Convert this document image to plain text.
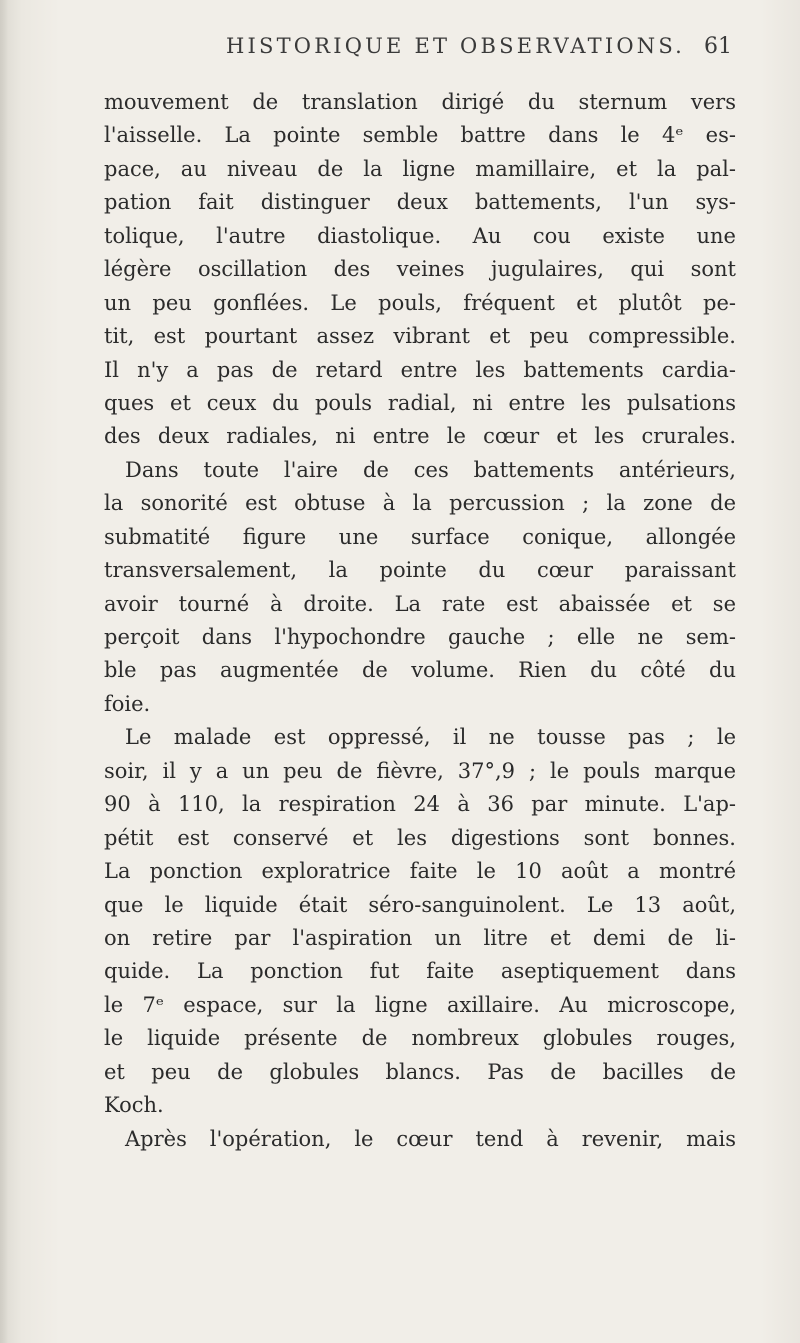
HISTORIQUE ET OBSERVATIONS. 61
mouvement de translation dirigé du sternum vers
l'aisselle. La pointe semble battre dans le 4ᵉ es-
pace, au niveau de la ligne mamillaire, et la pal-
pation fait distinguer deux battements, l'un sys-
tolique, l'autre diastolique. Au cou existe une
légère oscillation des veines jugulaires, qui sont
un peu gonflées. Le pouls, fréquent et plutôt pe-
tit, est pourtant assez vibrant et peu compressible.
Il n'y a pas de retard entre les battements cardia-
ques et ceux du pouls radial, ni entre les pulsations
des deux radiales, ni entre le cœur et les crurales.
Dans toute l'aire de ces battements antérieurs,
la sonorité est obtuse à la percussion ; la zone de
submatité figure une surface conique, allongée
transversalement, la pointe du cœur paraissant
avoir tourné à droite. La rate est abaissée et se
perçoit dans l'hypochondre gauche ; elle ne sem-
ble pas augmentée de volume. Rien du côté du
foie.
Le malade est oppressé, il ne tousse pas ; le
soir, il y a un peu de fièvre, 37°,9 ; le pouls marque
90 à 110, la respiration 24 à 36 par minute. L'ap-
pétit est conservé et les digestions sont bonnes.
La ponction exploratrice faite le 10 août a montré
que le liquide était séro-sanguinolent. Le 13 août,
on retire par l'aspiration un litre et demi de li-
quide. La ponction fut faite aseptiquement dans
le 7ᵉ espace, sur la ligne axillaire. Au microscope,
le liquide présente de nombreux globules rouges,
et peu de globules blancs. Pas de bacilles de
Koch.
Après l'opération, le cœur tend à revenir, mais
